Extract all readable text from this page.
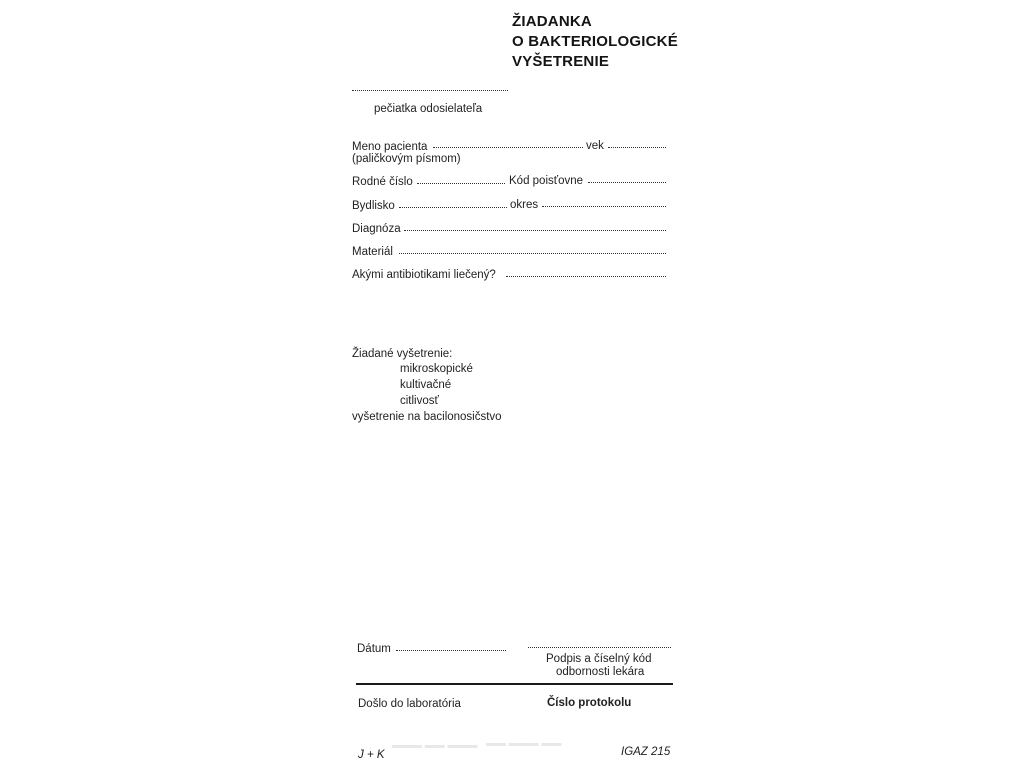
ŽIADANKA
O BAKTERIOLOGICKÉ
VYŠETRENIE
pečiatka odosielateľa
Meno pacienta	vek
(paličkovým písmom)
Rodné číslo	Kód poisťovne
Bydlisko	okres
Diagnóza
Materiál
Akými antibiotikami liečený?
Žiadané vyšetrenie:
mikroskopické
kultivačné
citlivosť
vyšetrenie na bacilonosičstvo
Dátum
Podpis a číselný kód
odbornosti lekára
Došlo do laboratória	Číslo protokolu
J + K	IGAZ 215
▬▬▬ ▬▬ ▬▬▬ ▬▬ ▬▬▬ ▬▬
